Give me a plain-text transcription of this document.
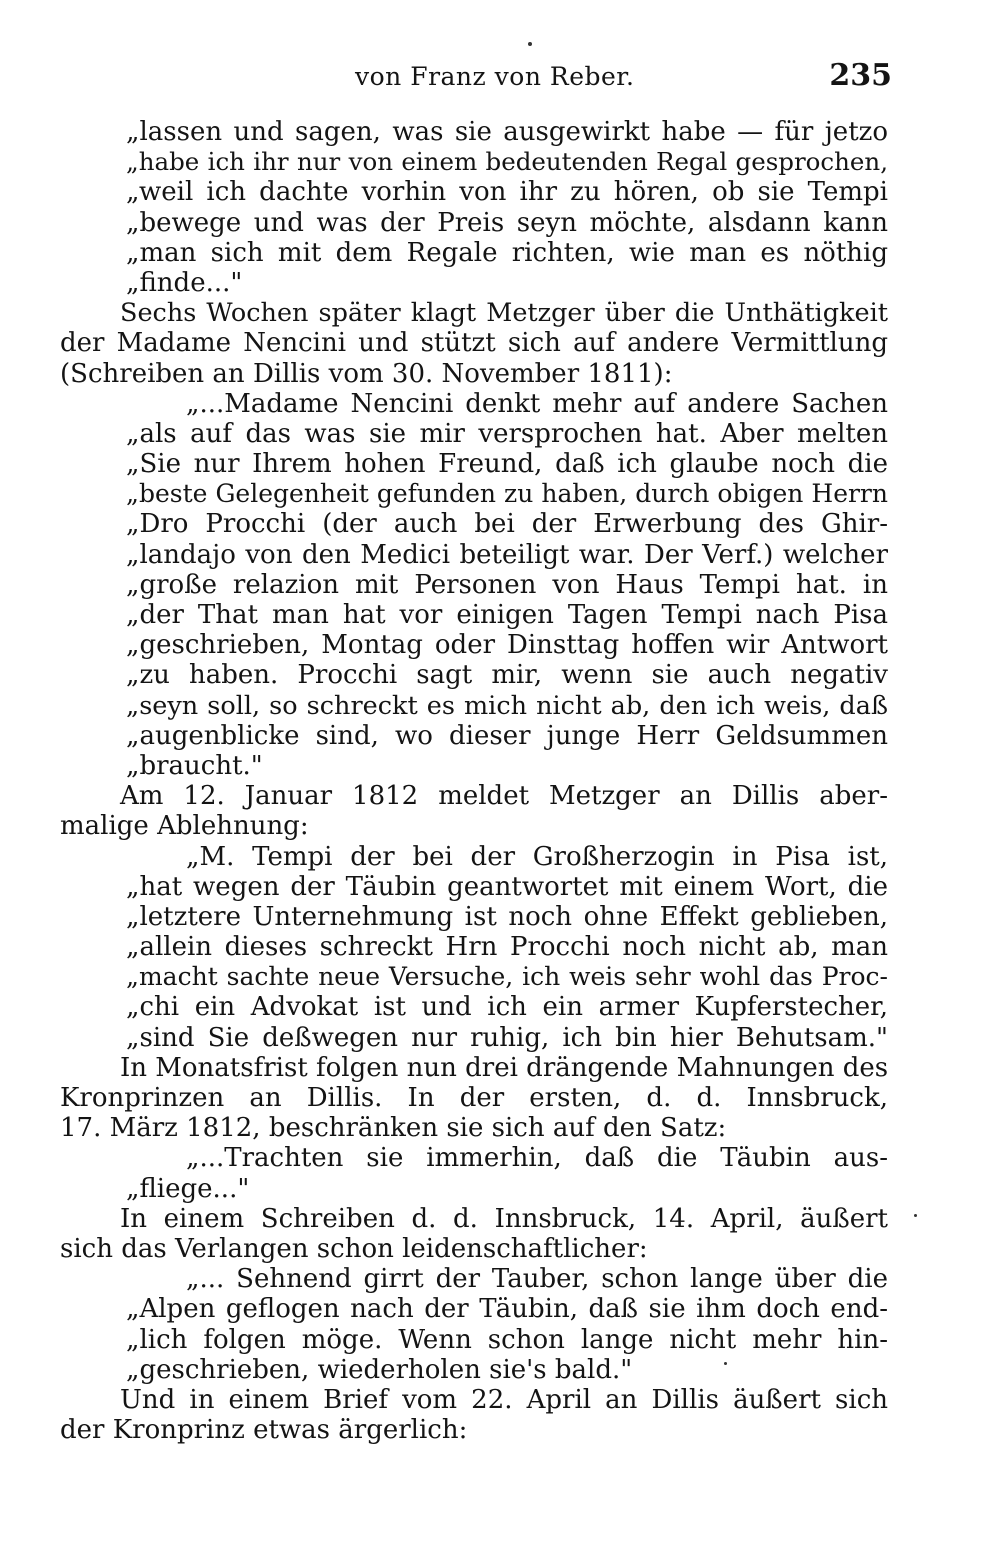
von Franz von Reber.	235
„lassen und sagen, was sie ausgewirkt habe — für jetzo
„habe ich ihr nur von einem bedeutenden Regal gesprochen,
„weil ich dachte vorhin von ihr zu hören, ob sie Tempi
„bewege und was der Preis seyn möchte, alsdann kann
„man sich mit dem Regale richten, wie man es nöthig
„finde..."
Sechs Wochen später klagt Metzger über die Unthätigkeit
der Madame Nencini und stützt sich auf andere Vermittlung
(Schreiben an Dillis vom 30. November 1811):
„...Madame Nencini denkt mehr auf andere Sachen
„als auf das was sie mir versprochen hat. Aber melten
„Sie nur Ihrem hohen Freund, daß ich glaube noch die
„beste Gelegenheit gefunden zu haben, durch obigen Herrn
„Dro Procchi (der auch bei der Erwerbung des Ghir-
„landajo von den Medici beteiligt war. Der Verf.) welcher
„große relazion mit Personen von Haus Tempi hat. in
„der That man hat vor einigen Tagen Tempi nach Pisa
„geschrieben, Montag oder Dinsttag hoffen wir Antwort
„zu haben. Procchi sagt mir, wenn sie auch negativ
„seyn soll, so schreckt es mich nicht ab, den ich weis, daß
„augenblicke sind, wo dieser junge Herr Geldsummen
„braucht."
Am 12. Januar 1812 meldet Metzger an Dillis aber-
malige Ablehnung:
„M. Tempi der bei der Großherzogin in Pisa ist,
„hat wegen der Täubin geantwortet mit einem Wort, die
„letztere Unternehmung ist noch ohne Effekt geblieben,
„allein dieses schreckt Hrn Procchi noch nicht ab, man
„macht sachte neue Versuche, ich weis sehr wohl das Proc-
„chi ein Advokat ist und ich ein armer Kupferstecher,
„sind Sie deßwegen nur ruhig, ich bin hier Behutsam."
In Monatsfrist folgen nun drei drängende Mahnungen des
Kronprinzen an Dillis. In der ersten, d. d. Innsbruck,
17. März 1812, beschränken sie sich auf den Satz:
„...Trachten sie immerhin, daß die Täubin aus-
„fliege..."
In einem Schreiben d. d. Innsbruck, 14. April, äußert
sich das Verlangen schon leidenschaftlicher:
„... Sehnend girrt der Tauber, schon lange über die
„Alpen geflogen nach der Täubin, daß sie ihm doch end-
„lich folgen möge. Wenn schon lange nicht mehr hin-
„geschrieben, wiederholen sie's bald."
Und in einem Brief vom 22. April an Dillis äußert sich
der Kronprinz etwas ärgerlich:
